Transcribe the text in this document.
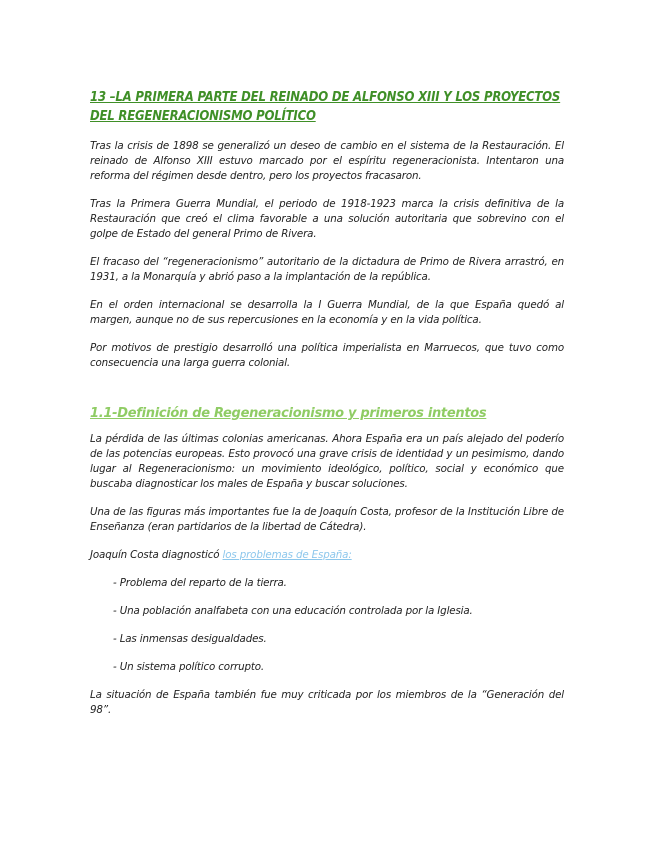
13 –LA PRIMERA PARTE DEL REINADO DE ALFONSO XIII Y LOS PROYECTOS DEL REGENERACIONISMO POLÍTICO

Tras la crisis de 1898 se generalizó un deseo de cambio en el sistema de la Restauración. El reinado de Alfonso XIII estuvo marcado por el espíritu regeneracionista. Intentaron una reforma del régimen desde dentro, pero los proyectos fracasaron.

Tras la Primera Guerra Mundial, el periodo de 1918-1923 marca la crisis definitiva de la Restauración que creó el clima favorable a una solución autoritaria que sobrevino con el golpe de Estado del general Primo de Rivera.

El fracaso del “regeneracionismo” autoritario de la dictadura de Primo de Rivera arrastró, en 1931, a la Monarquía y abrió paso a la implantación de la república.

En el orden internacional se desarrolla la I Guerra Mundial, de la que España quedó al margen, aunque no de sus repercusiones en la economía y en la vida política.

Por motivos de prestigio desarrolló una política imperialista en Marruecos, que tuvo como consecuencia una larga guerra colonial.

1.1-Definición de Regeneracionismo y primeros intentos

La pérdida de las últimas colonias americanas. Ahora España era un país alejado del poderío de las potencias europeas. Esto provocó una grave crisis de identidad y un pesimismo, dando lugar al Regeneracionismo: un movimiento ideológico, político, social y económico que buscaba diagnosticar los males de España y buscar soluciones.

Una de las figuras más importantes fue la de Joaquín Costa, profesor de la Institución Libre de Enseñanza (eran partidarios de la libertad de Cátedra).

Joaquín Costa diagnosticó los problemas de España:

- Problema del reparto de la tierra.
- Una población analfabeta con una educación controlada por la Iglesia.
- Las inmensas desigualdades.
- Un sistema político corrupto.

La situación de España también fue muy criticada por los miembros de la “Generación del 98”.
